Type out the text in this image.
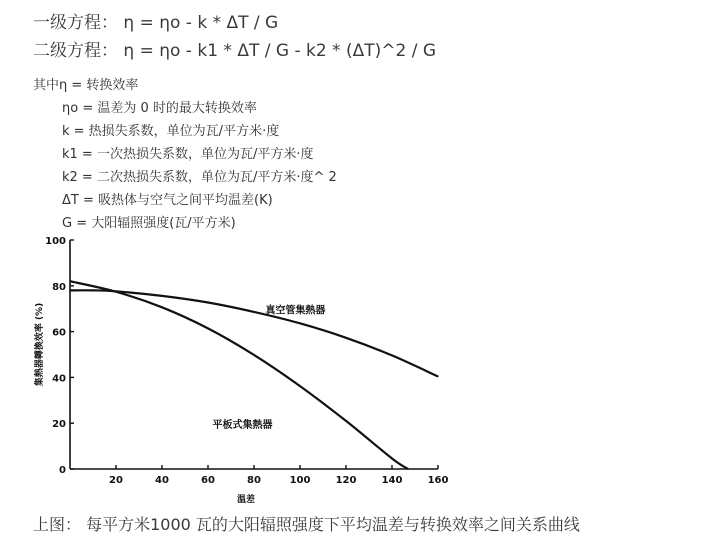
一级方程： η = ηo - k * ΔT / G
二级方程： η = ηo - k1 * ΔT / G - k2 * (ΔT)^2 / G
其中η = 转换效率
ηo = 温差为 0 时的最大转换效率
k = 热损失系数，单位为瓦/平方米·度
k1 = 一次热损失系数，单位为瓦/平方米·度
k2 = 二次热损失系数，单位为瓦/平方米·度^ 2
ΔT = 吸热体与空气之间平均温差(K)
G = 大阳辐照强度(瓦/平方米)
0
20
40
60
80
100
20	40	60	80	100	120	140	160
温差
集熱器轉換效率 (%)	真空管集熱器
平板式集熱器
上图： 每平方米1000 瓦的大阳辐照强度下平均温差与转换效率之间关系曲线
